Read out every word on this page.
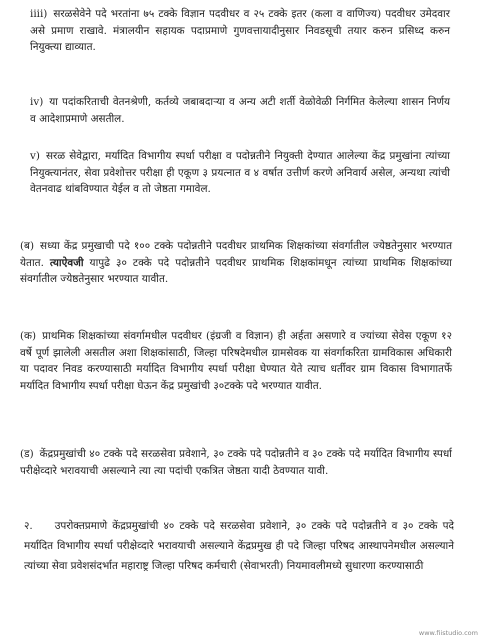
iiii) सरळसेवेने पदे भरतांना ७५ टक्के विज्ञान पदवीधर व २५ टक्के इतर (कला व वाणिज्य) पदवीधर उमेदवार असे प्रमाण राखावे. मंत्रालयीन सहायक पदाप्रमाणे गुणवत्तायादीनुसार निवडसूची तयार करुन प्रसिध्द करुन नियुक्त्या द्याव्यात.

iv) या पदांकरिताची वेतनश्रेणी, कर्तव्ये जबाबदाऱ्या व अन्य अटी शर्ती वेळोवेळी निर्गमित केलेल्या शासन निर्णय व आदेशाप्रमाणे असतील.

v) सरळ सेवेद्वारा, मर्यादित विभागीय स्पर्धा परीक्षा व पदोन्नतीने नियुक्ती देण्यात आलेल्या केंद्र प्रमुखांना त्यांच्या नियुक्त्यानंतर, सेवा प्रवेशोत्तर परीक्षा ही एकूण ३ प्रयत्नात व ४ वर्षात उत्तीर्ण करणे अनिवार्य असेल, अन्यथा त्यांची वेतनवाढ थांबविण्यात येईल व तो जेष्ठता गमावेल.

(ब) सध्या केंद्र प्रमुखाची पदे १०० टक्के पदोन्नतीने पदवीधर प्राथमिक शिक्षकांच्या संवर्गातील ज्येष्ठतेनुसार भरण्यात येतात. त्याऐवजी यापुढे ३० टक्के पदे पदोन्नतीने पदवीधर प्राथमिक शिक्षकांमधून त्यांच्या प्राथमिक शिक्षकांच्या संवर्गातील ज्येष्ठतेनुसार भरण्यात यावीत.

(क) प्राथमिक शिक्षकांच्या संवर्गामधील पदवीधर (इंग्रजी व विज्ञान) ही अर्हता असणारे व ज्यांच्या सेवेस एकूण १२ वर्षे पूर्ण झालेली असतील अशा शिक्षकांसाठी, जिल्हा परिषदेमधील ग्रामसेवक या संवर्गाकरिता ग्रामविकास अधिकारी या पदावर निवड करण्यासाठी मर्यादित विभागीय स्पर्धा परीक्षा घेण्यात येते त्याच धर्तीवर ग्राम विकास विभागातर्फे मर्यादित विभागीय स्पर्धा परीक्षा घेऊन केंद्र प्रमुखांची ३०टक्के पदे भरण्यात यावीत.

(ड) केंद्रप्रमुखांची ४० टक्के पदे सरळसेवा प्रवेशाने, ३० टक्के पदे पदोन्नतीने व ३० टक्के पदे मर्यादित विभागीय स्पर्धा परीक्षेव्दारे भरावयाची असल्याने त्या त्या पदांची एकत्रित जेष्ठता यादी ठेवण्यात यावी.

२. उपरोक्तप्रमाणे केंद्रप्रमुखांची ४० टक्के पदे सरळसेवा प्रवेशाने, ३० टक्के पदे पदोन्नतीने व ३० टक्के पदे मर्यादित विभागीय स्पर्धा परीक्षेव्दारे भरावयाची असल्याने केंद्रप्रमुख ही पदे जिल्हा परिषद आस्थापनेमधील असल्याने त्यांच्या सेवा प्रवेशसंदर्भात महाराष्ट्र जिल्हा परिषद कर्मचारी (सेवाभरती) नियमावलीमध्ये सुधारणा करण्यासाठी

www.fiistudio.com
